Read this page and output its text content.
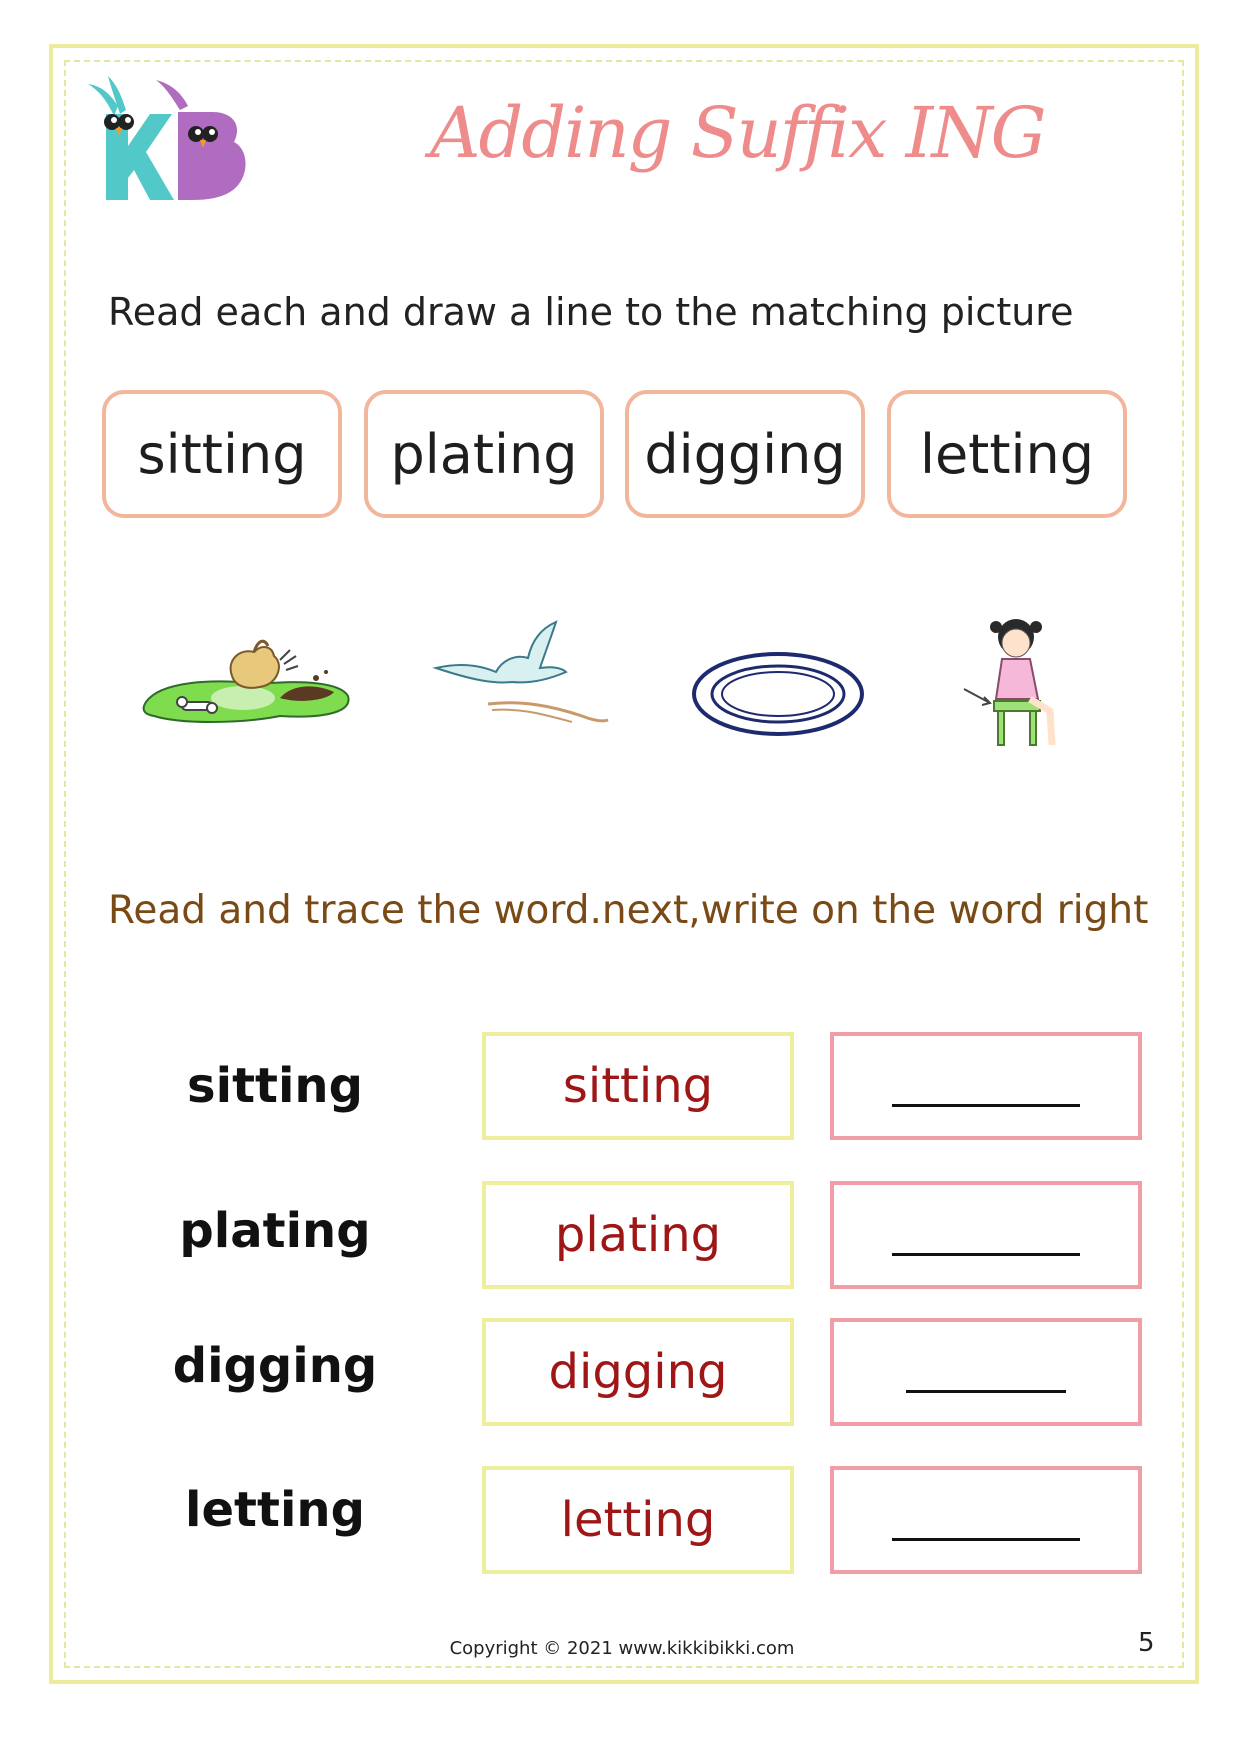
Adding Suffix ING
Read each and draw a line to the matching picture
sitting	plating	digging	letting
Read and trace the word.next,write on the word right
sitting	sitting
plating	plating
digging	digging
letting	letting
Copyright © 2021 www.kikkibikki.com	5
